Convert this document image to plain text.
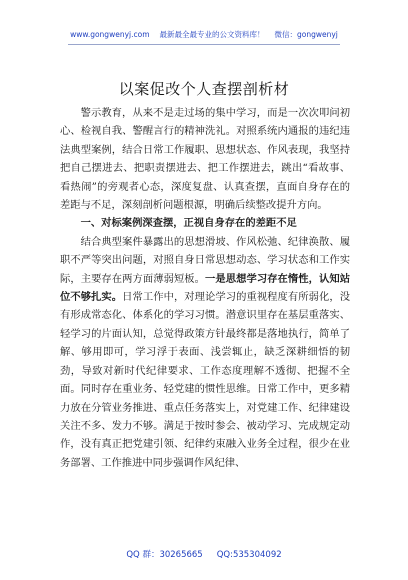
www.gongwenyj.com 最新最全最专业的公文资料库！ 微信：gongwenyj
以案促改个人查摆剖析材

警示教育，从来不是走过场的集中学习，而是一次次叩问初心、检视自我、警醒言行的精神洗礼。对照系统内通报的违纪违法典型案例，结合日常工作履职、思想状态、作风表现，我坚持把自己摆进去、把职责摆进去、把工作摆进去，跳出“看故事、看热闹”的旁观者心态，深度复盘、认真查摆，直面自身存在的差距与不足，深刻剖析问题根源，明确后续整改提升方向。

一、对标案例深查摆，正视自身存在的差距不足

结合典型案件暴露出的思想滑坡、作风松弛、纪律涣散、履职不严等突出问题，对照自身日常思想动态、学习状态和工作实际，主要存在两方面薄弱短板。一是思想学习存在惰性，认知站位不够扎实。日常工作中，对理论学习的重视程度有所弱化，没有形成常态化、体系化的学习习惯。潜意识里存在基层重落实、轻学习的片面认知，总觉得政策方针最终都是落地执行，简单了解、够用即可，学习浮于表面、浅尝辄止，缺乏深耕细悟的韧劲，导致对新时代纪律要求、工作态度理解不透彻、把握不全面。同时存在重业务、轻党建的惯性思维。日常工作中，更多精力放在分管业务推进、重点任务落实上，对党建工作、纪律建设关注不多、发力不够。满足于按时参会、被动学习、完成规定动作，没有真正把党建引领、纪律约束融入业务全过程，很少在业务部署、工作推进中同步强调作风纪律、

QQ 群：30265665 QQ:535304092
